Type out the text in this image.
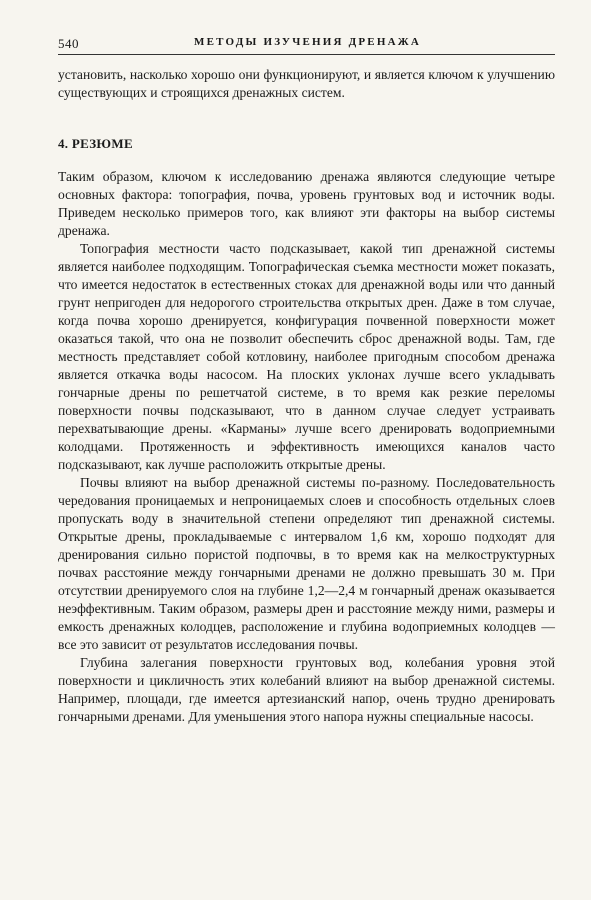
540	МЕТОДЫ ИЗУЧЕНИЯ ДРЕНАЖА

установить, насколько хорошо они функционируют, и является ключом к улучшению существующих и строящихся дренажных систем.

4. РЕЗЮМЕ

Таким образом, ключом к исследованию дренажа являются следующие четыре основных фактора: топография, почва, уровень грунтовых вод и источник воды. Приведем несколько примеров того, как влияют эти факторы на выбор системы дренажа.

Топография местности часто подсказывает, какой тип дренажной системы является наиболее подходящим. Топографическая съемка местности может показать, что имеется недостаток в естественных стоках для дренажной воды или что данный грунт непригоден для недорогого строительства открытых дрен. Даже в том случае, когда почва хорошо дренируется, конфигурация почвенной поверхности может оказаться такой, что она не позволит обеспечить сброс дренажной воды. Там, где местность представляет собой котловину, наиболее пригодным способом дренажа является откачка воды насосом. На плоских уклонах лучше всего укладывать гончарные дрены по решетчатой системе, в то время как резкие переломы поверхности почвы подсказывают, что в данном случае следует устраивать перехватывающие дрены. «Карманы» лучше всего дренировать водоприемными колодцами. Протяженность и эффективность имеющихся каналов часто подсказывают, как лучше расположить открытые дрены.

Почвы влияют на выбор дренажной системы по-разному. Последовательность чередования проницаемых и непроницаемых слоев и способность отдельных слоев пропускать воду в значительной степени определяют тип дренажной системы. Открытые дрены, прокладываемые с интервалом 1,6 км, хорошо подходят для дренирования сильно пористой подпочвы, в то время как на мелкоструктурных почвах расстояние между гончарными дренами не должно превышать 30 м. При отсутствии дренируемого слоя на глубине 1,2—2,4 м гончарный дренаж оказывается неэффективным. Таким образом, размеры дрен и расстояние между ними, размеры и емкость дренажных колодцев, расположение и глубина водоприемных колодцев — все это зависит от результатов исследования почвы.

Глубина залегания поверхности грунтовых вод, колебания уровня этой поверхности и цикличность этих колебаний влияют на выбор дренажной системы. Например, площади, где имеется артезианский напор, очень трудно дренировать гончарными дренами. Для уменьшения этого напора нужны специальные насосы.
